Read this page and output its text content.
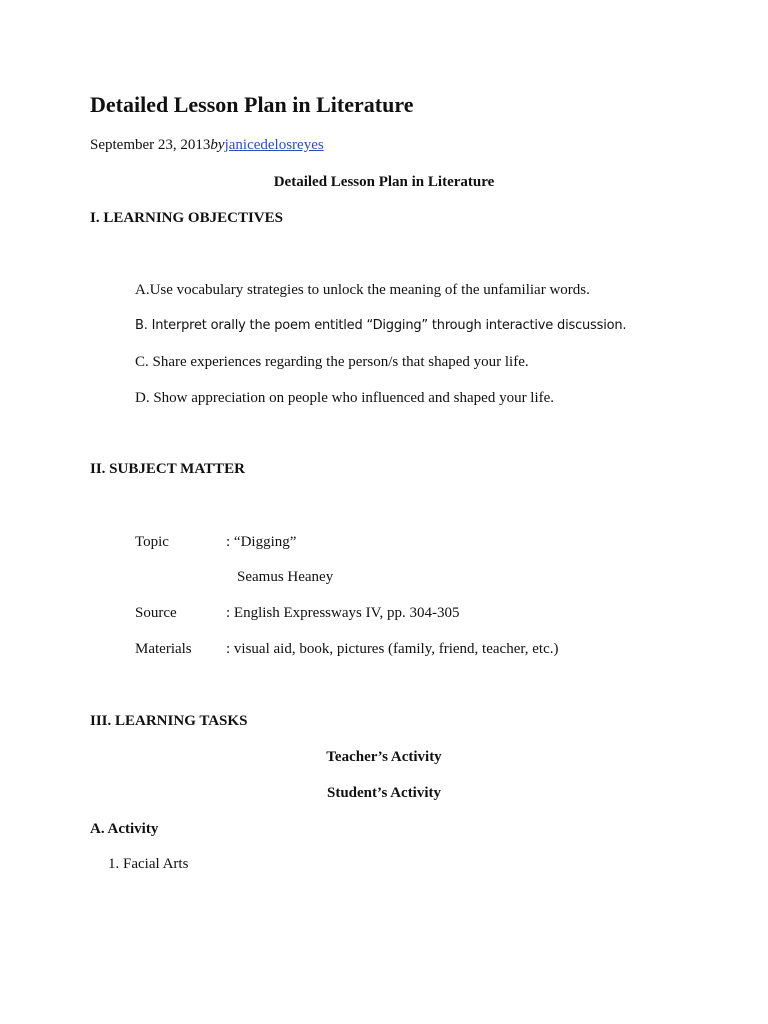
Detailed Lesson Plan in Literature
September 23, 2013byjanicedelosreyes
Detailed Lesson Plan in Literature
I. LEARNING OBJECTIVES
A.Use vocabulary strategies to unlock the meaning of the unfamiliar words.
B. Interpret orally the poem entitled “Digging” through interactive discussion.
C. Share experiences regarding the person/s that shaped your life.
D. Show appreciation on people who influenced and shaped your life.
II. SUBJECT MATTER
Topic	: “Digging”
Seamus Heaney
Source	: English Expressways IV, pp. 304-305
Materials : visual aid, book, pictures (family, friend, teacher, etc.)
III. LEARNING TASKS
Teacher’s Activity
Student’s Activity
A. Activity
1. Facial Arts
